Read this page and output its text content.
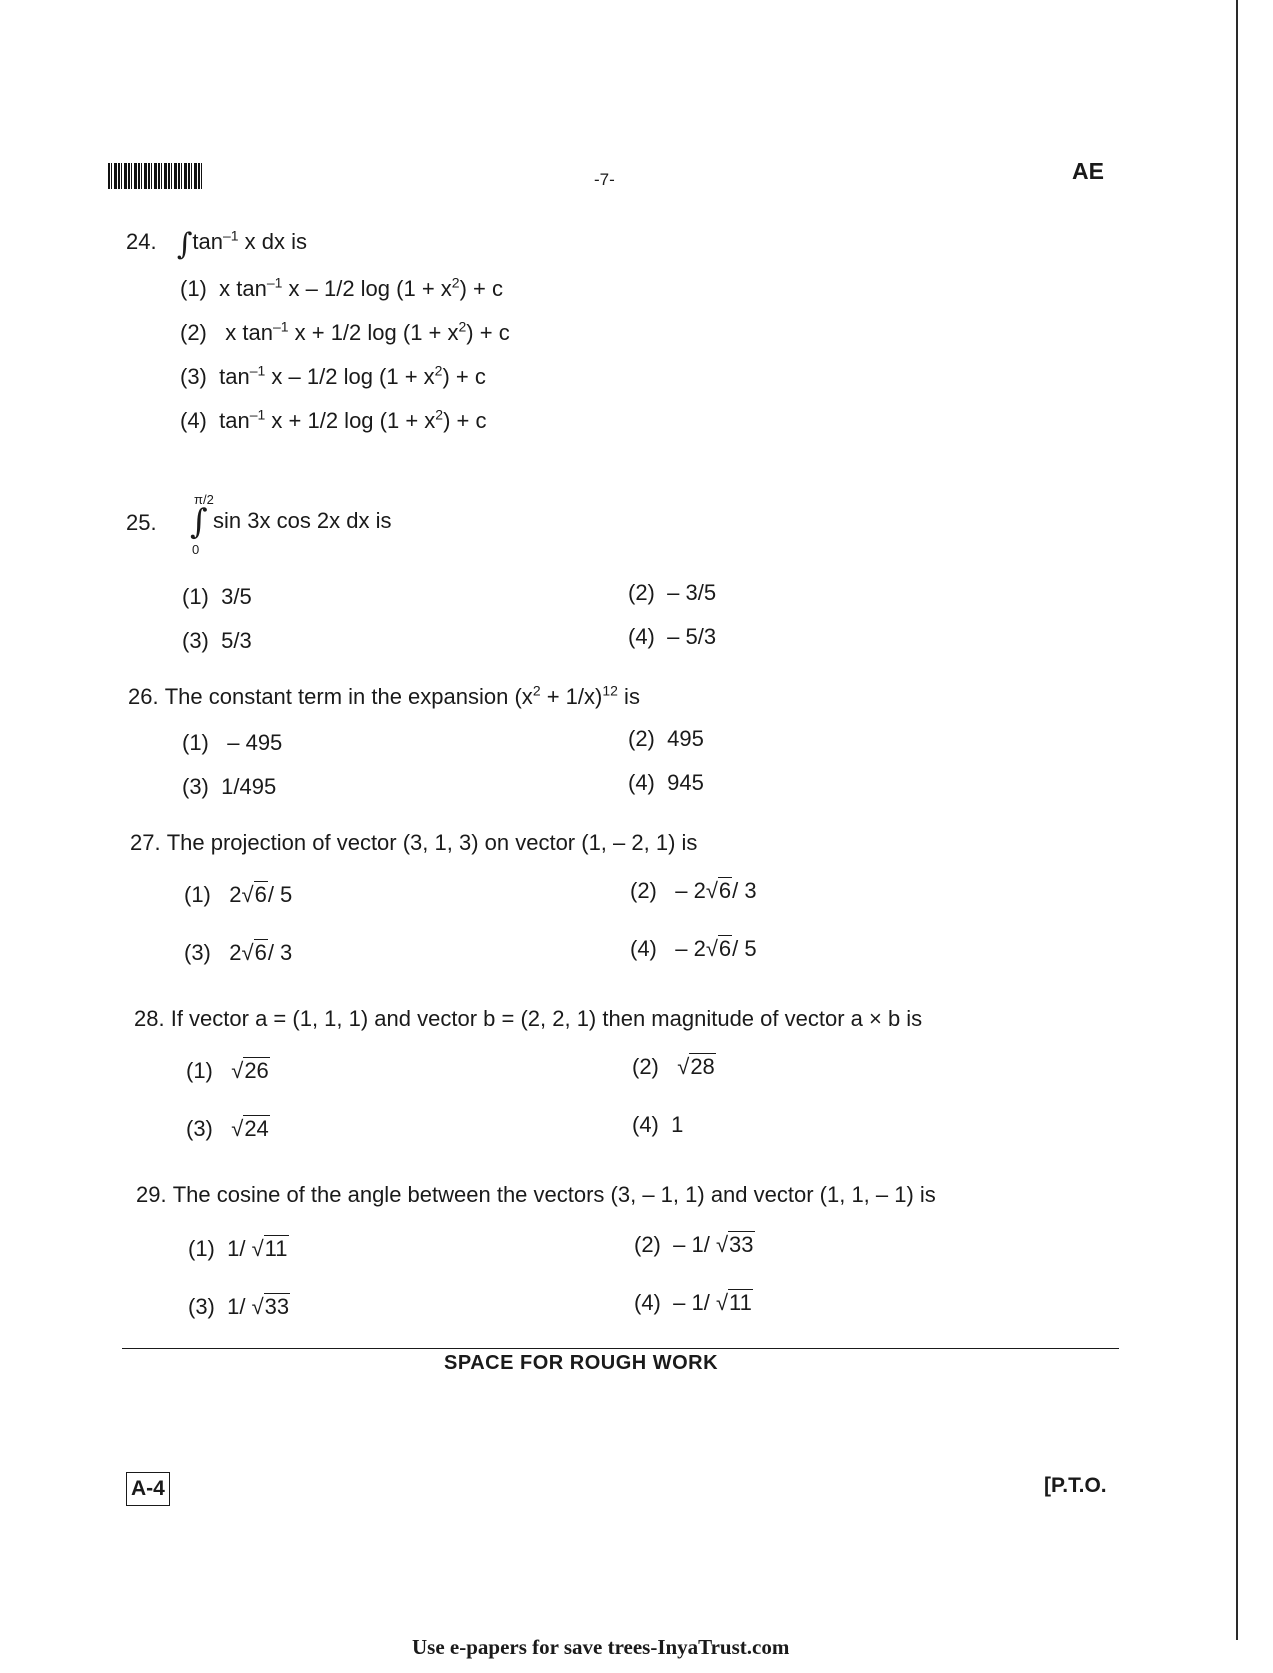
-7-	AE
24. $\int\tan^{-1}$ x dx is
(1) x $\tan^{-1} x - 1/2$ $\log (1 + x^2) + c$
(2) x $\tan^{-1} x + 1/2$ $\log (1 + x^2) + c$
(3) $\tan^{-1} x - 1/2$ $\log (1 + x^2) + c$
(4) $\tan^{-1} x + 1/2$ $\log (1 + x^2) + c$
25.
π/2
∫
0
sin 3x cos 2x dx is
(1) 3/5	(2) – 3/5
(3) 5/3	(4) – 5/3
26. The constant term in the expansion $(x^2 + 1/x)^{12}$ is
(1) – 495	(2) 495
(3) 1/495	(4) 945
27. The projection of vector (3, 1, 3) on vector (1, – 2, 1) is
(1) 2√6/ 5	(2) – 2√6/ 3
(3) 2√6/ 3	(4) – 2√6/ 5
28. If vector a = (1, 1, 1) and vector b = (2, 2, 1) then magnitude of vector a × b is
(1) √26	(2) √28
(3) √24	(4) 1
29. The cosine of the angle between the vectors (3, – 1, 1) and vector (1, 1, – 1) is
(1) 1/ √11	(2) – 1/ √33
(3) 1/ √33	(4) – 1/ √11
SPACE FOR ROUGH WORK
A-4	[P.T.O.
Use e-papers for save trees-InyaTrust.com
